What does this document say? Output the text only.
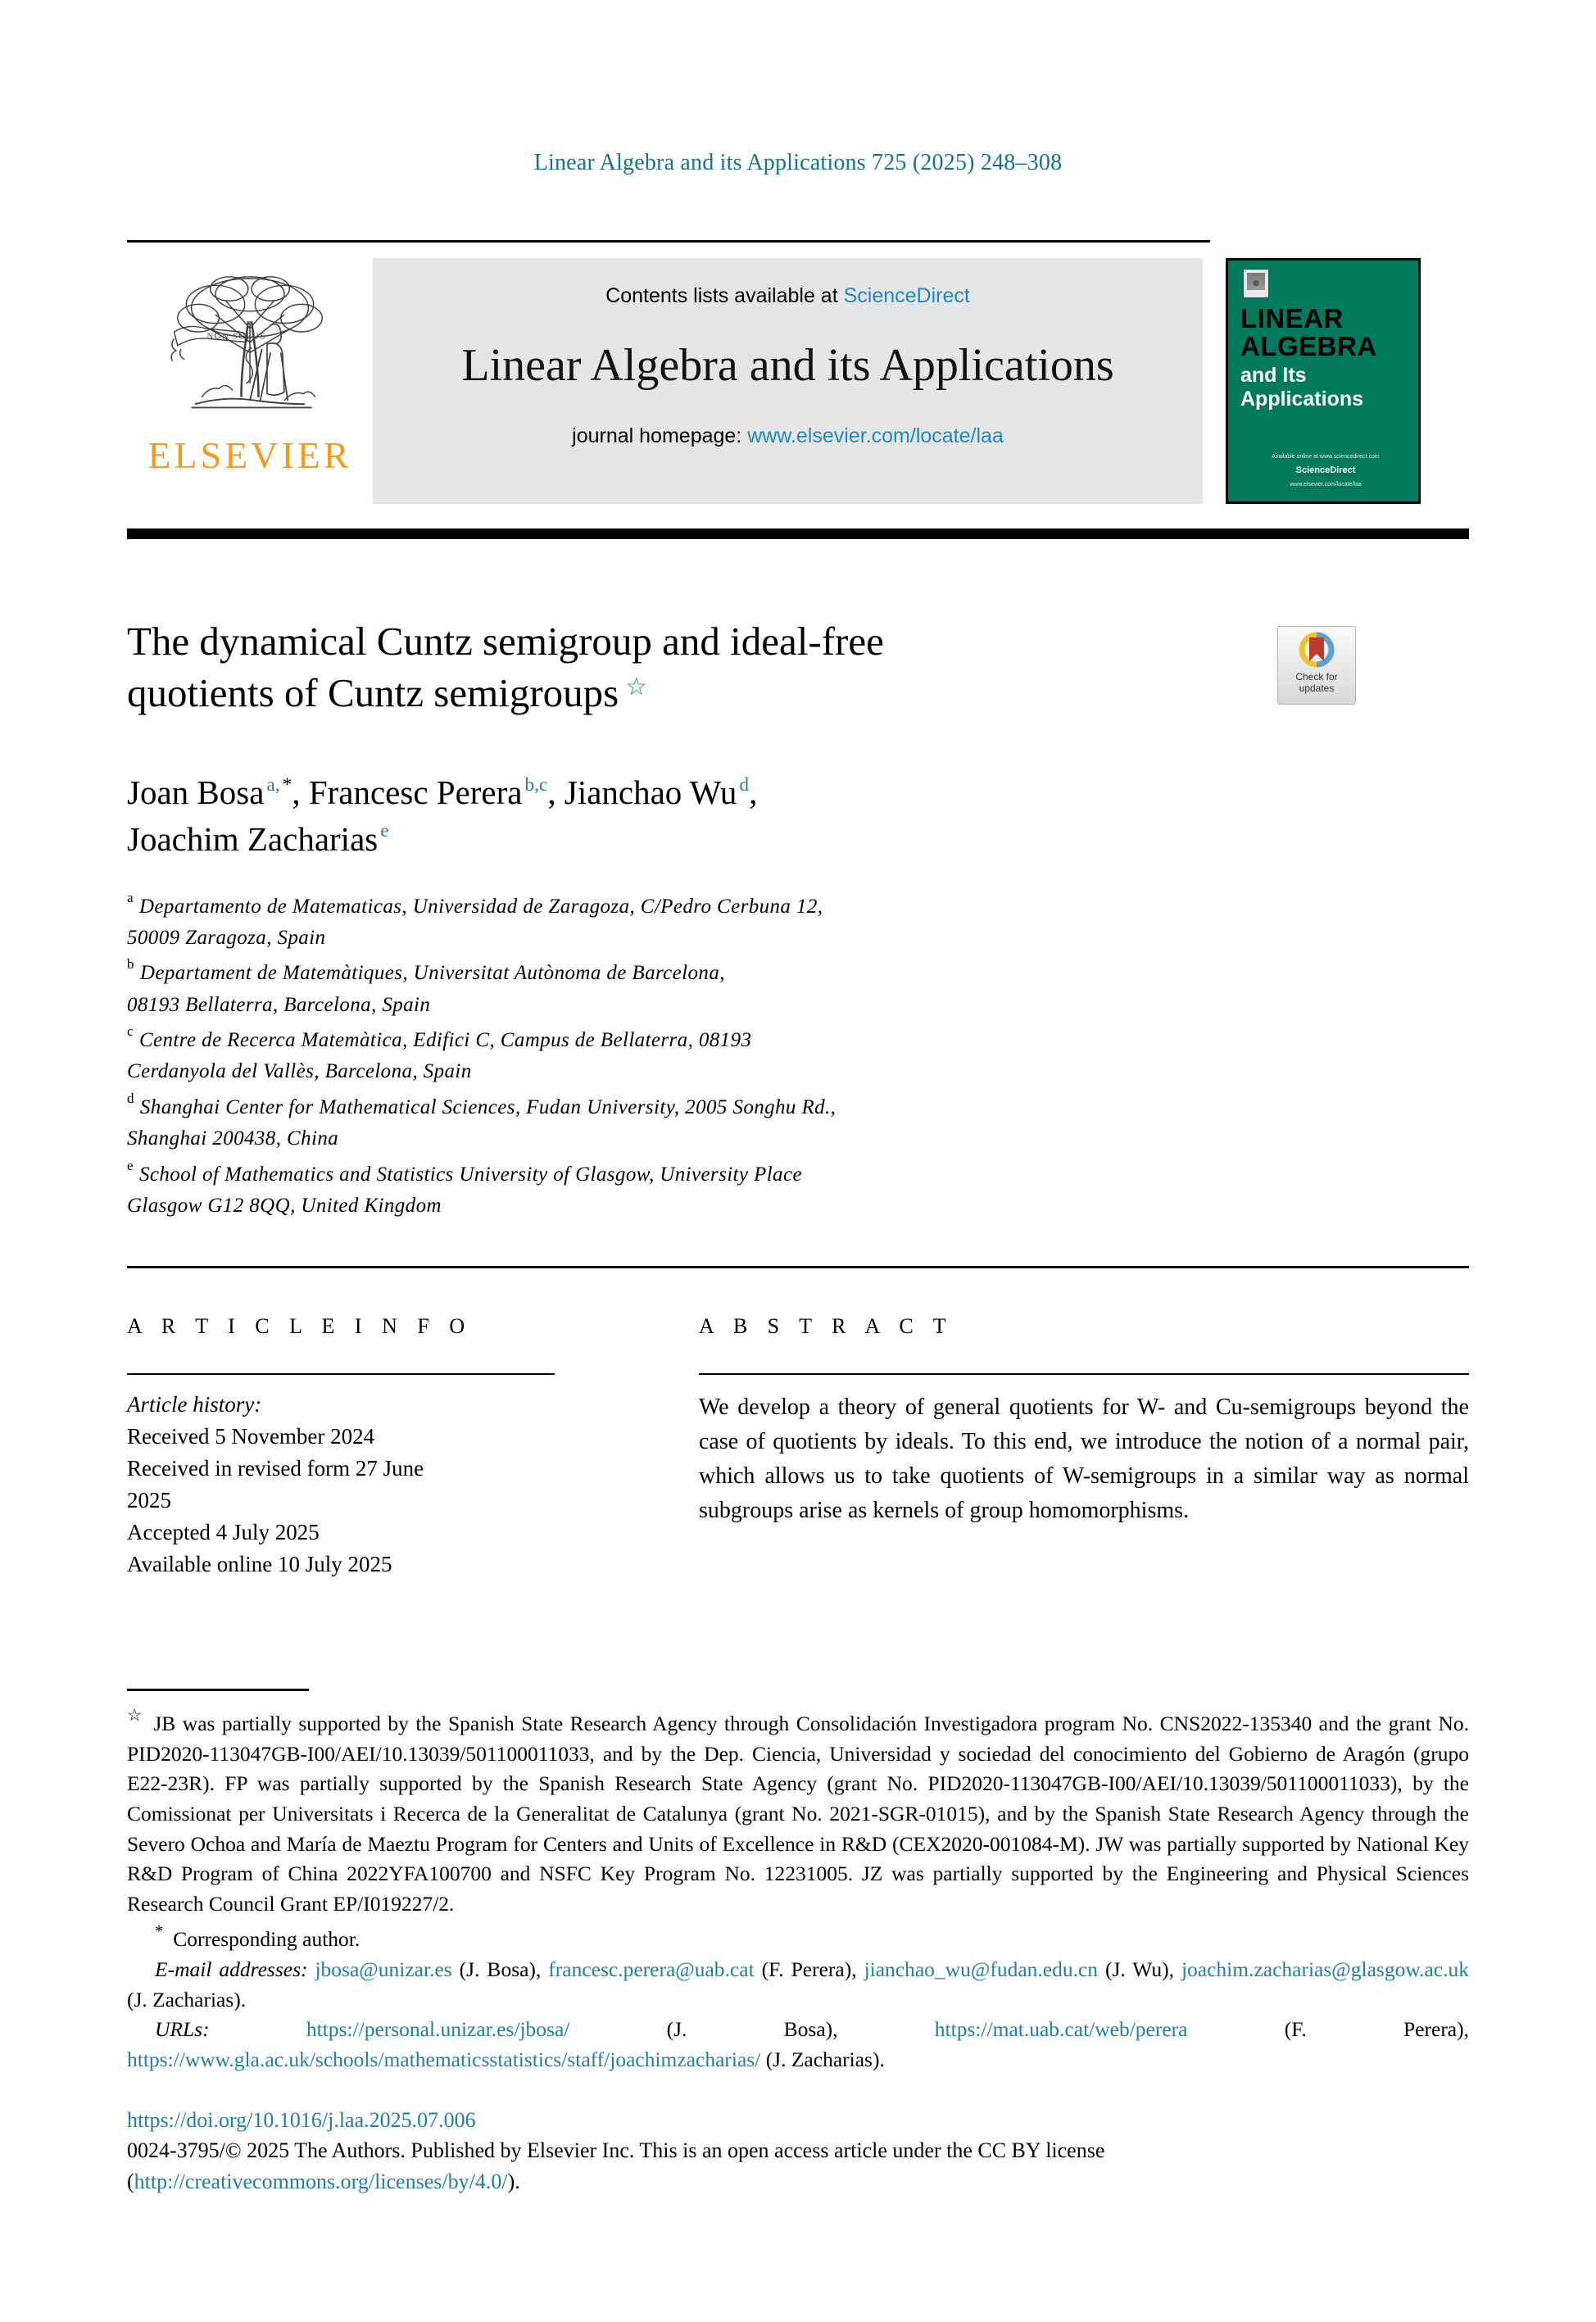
Linear Algebra and its Applications 725 (2025) 248–308
NON SOLUS
ELSEVIER
Contents lists available at ScienceDirect
Linear Algebra and its Applications
journal homepage: www.elsevier.com/locate/laa
LINEAR
ALGEBRA
and Its
Applications
Available online at www.sciencedirect.com
ScienceDirect
www.elsevier.com/locate/laa
The dynamical Cuntz semigroup and ideal-free
quotients of Cuntz semigroups ☆	Check for
updates
Joan Bosa $^{a,}$ *, Francesc Perera $^{b,c}$, Jianchao Wu $^d$,
Joachim Zacharias $^e$
$^a$ Departamento de Matematicas, Universidad de Zaragoza, C/Pedro Cerbuna 12,
50009 Zaragoza, Spain
$^b$ Departament de Matemàtiques, Universitat Autònoma de Barcelona,
08193 Bellaterra, Barcelona, Spain
$^c$ Centre de Recerca Matemàtica, Edifici C, Campus de Bellaterra, 08193
Cerdanyola del Vallès, Barcelona, Spain
$^d$ Shanghai Center for Mathematical Sciences, Fudan University, 2005 Songhu Rd.,
Shanghai 200438, China
$^e$ School of Mathematics and Statistics University of Glasgow, University Place
Glasgow G12 8QQ, United Kingdom
A R T I C L E I N F O
Article history:
Received 5 November 2024
Received in revised form 27 June
2025
Accepted 4 July 2025
Available online 10 July 2025
A B S T R A C T
We develop a theory of general quotients for W- and Cu-semigroups beyond the case of quotients by ideals. To this end, we introduce the notion of a normal pair, which allows us to take quotients of W-semigroups in a similar way as normal subgroups arise as kernels of group homomorphisms.
☆ JB was partially supported by the Spanish State Research Agency through Consolidación Investigadora program No. CNS2022-135340 and the grant No. PID2020-113047GB-I00/AEI/10.13039/501100011033, and by the Dep. Ciencia, Universidad y sociedad del conocimiento del Gobierno de Aragón (grupo E22-23R). FP was partially supported by the Spanish Research State Agency (grant No. PID2020-113047GB-I00/AEI/10.13039/501100011033), by the Comissionat per Universitats i Recerca de la Generalitat de Catalunya (grant No. 2021-SGR-01015), and by the Spanish State Research Agency through the Severo Ochoa and María de Maeztu Program for Centers and Units of Excellence in R&D (CEX2020-001084-M). JW was partially supported by National Key R&D Program of China 2022YFA100700 and NSFC Key Program No. 12231005. JZ was partially supported by the Engineering and Physical Sciences Research Council Grant EP/I019227/2.
* Corresponding author.
E-mail addresses: jbosa@unizar.es (J. Bosa), francesc.perera@uab.cat (F. Perera), jianchao_wu@fudan.edu.cn (J. Wu), joachim.zacharias@glasgow.ac.uk (J. Zacharias).
URLs:	https://personal.unizar.es/jbosa/	(J. Bosa), https://mat.uab.cat/web/perera	(F. Perera), https://www.gla.ac.uk/schools/mathematicsstatistics/staff/joachimzacharias/ (J. Zacharias).
https://doi.org/10.1016/j.laa.2025.07.006
0024-3795/© 2025 The Authors. Published by Elsevier Inc. This is an open access article under the CC BY license (http://creativecommons.org/licenses/by/4.0/).
